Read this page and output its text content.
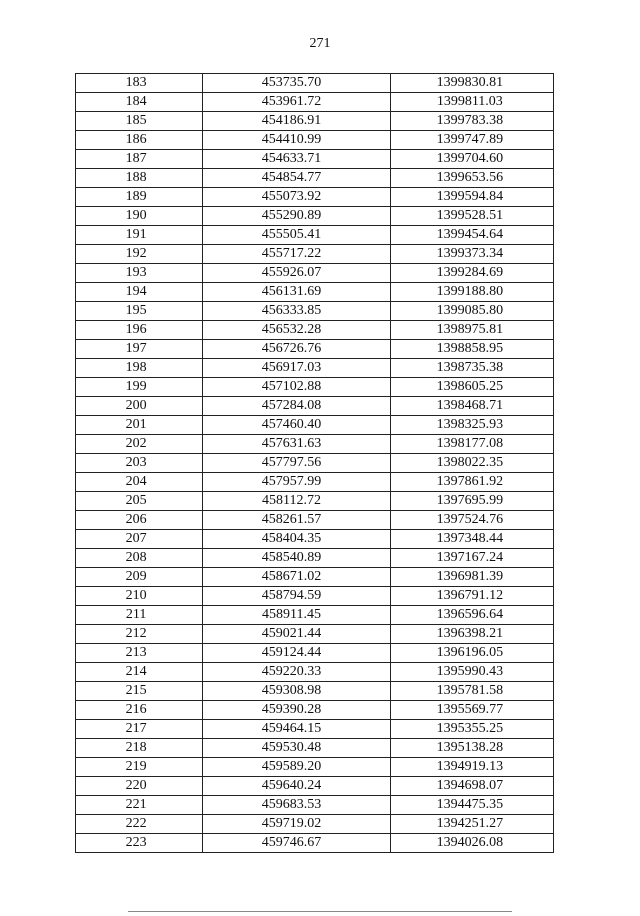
271
183	453735.70	1399830.81
184	453961.72	1399811.03
185	454186.91	1399783.38
186	454410.99	1399747.89
187	454633.71	1399704.60
188	454854.77	1399653.56
189	455073.92	1399594.84
190	455290.89	1399528.51
191	455505.41	1399454.64
192	455717.22	1399373.34
193	455926.07	1399284.69
194	456131.69	1399188.80
195	456333.85	1399085.80
196	456532.28	1398975.81
197	456726.76	1398858.95
198	456917.03	1398735.38
199	457102.88	1398605.25
200	457284.08	1398468.71
201	457460.40	1398325.93
202	457631.63	1398177.08
203	457797.56	1398022.35
204	457957.99	1397861.92
205	458112.72	1397695.99
206	458261.57	1397524.76
207	458404.35	1397348.44
208	458540.89	1397167.24
209	458671.02	1396981.39
210	458794.59	1396791.12
211	458911.45	1396596.64
212	459021.44	1396398.21
213	459124.44	1396196.05
214	459220.33	1395990.43
215	459308.98	1395781.58
216	459390.28	1395569.77
217	459464.15	1395355.25
218	459530.48	1395138.28
219	459589.20	1394919.13
220	459640.24	1394698.07
221	459683.53	1394475.35
222	459719.02	1394251.27
223	459746.67	1394026.08
